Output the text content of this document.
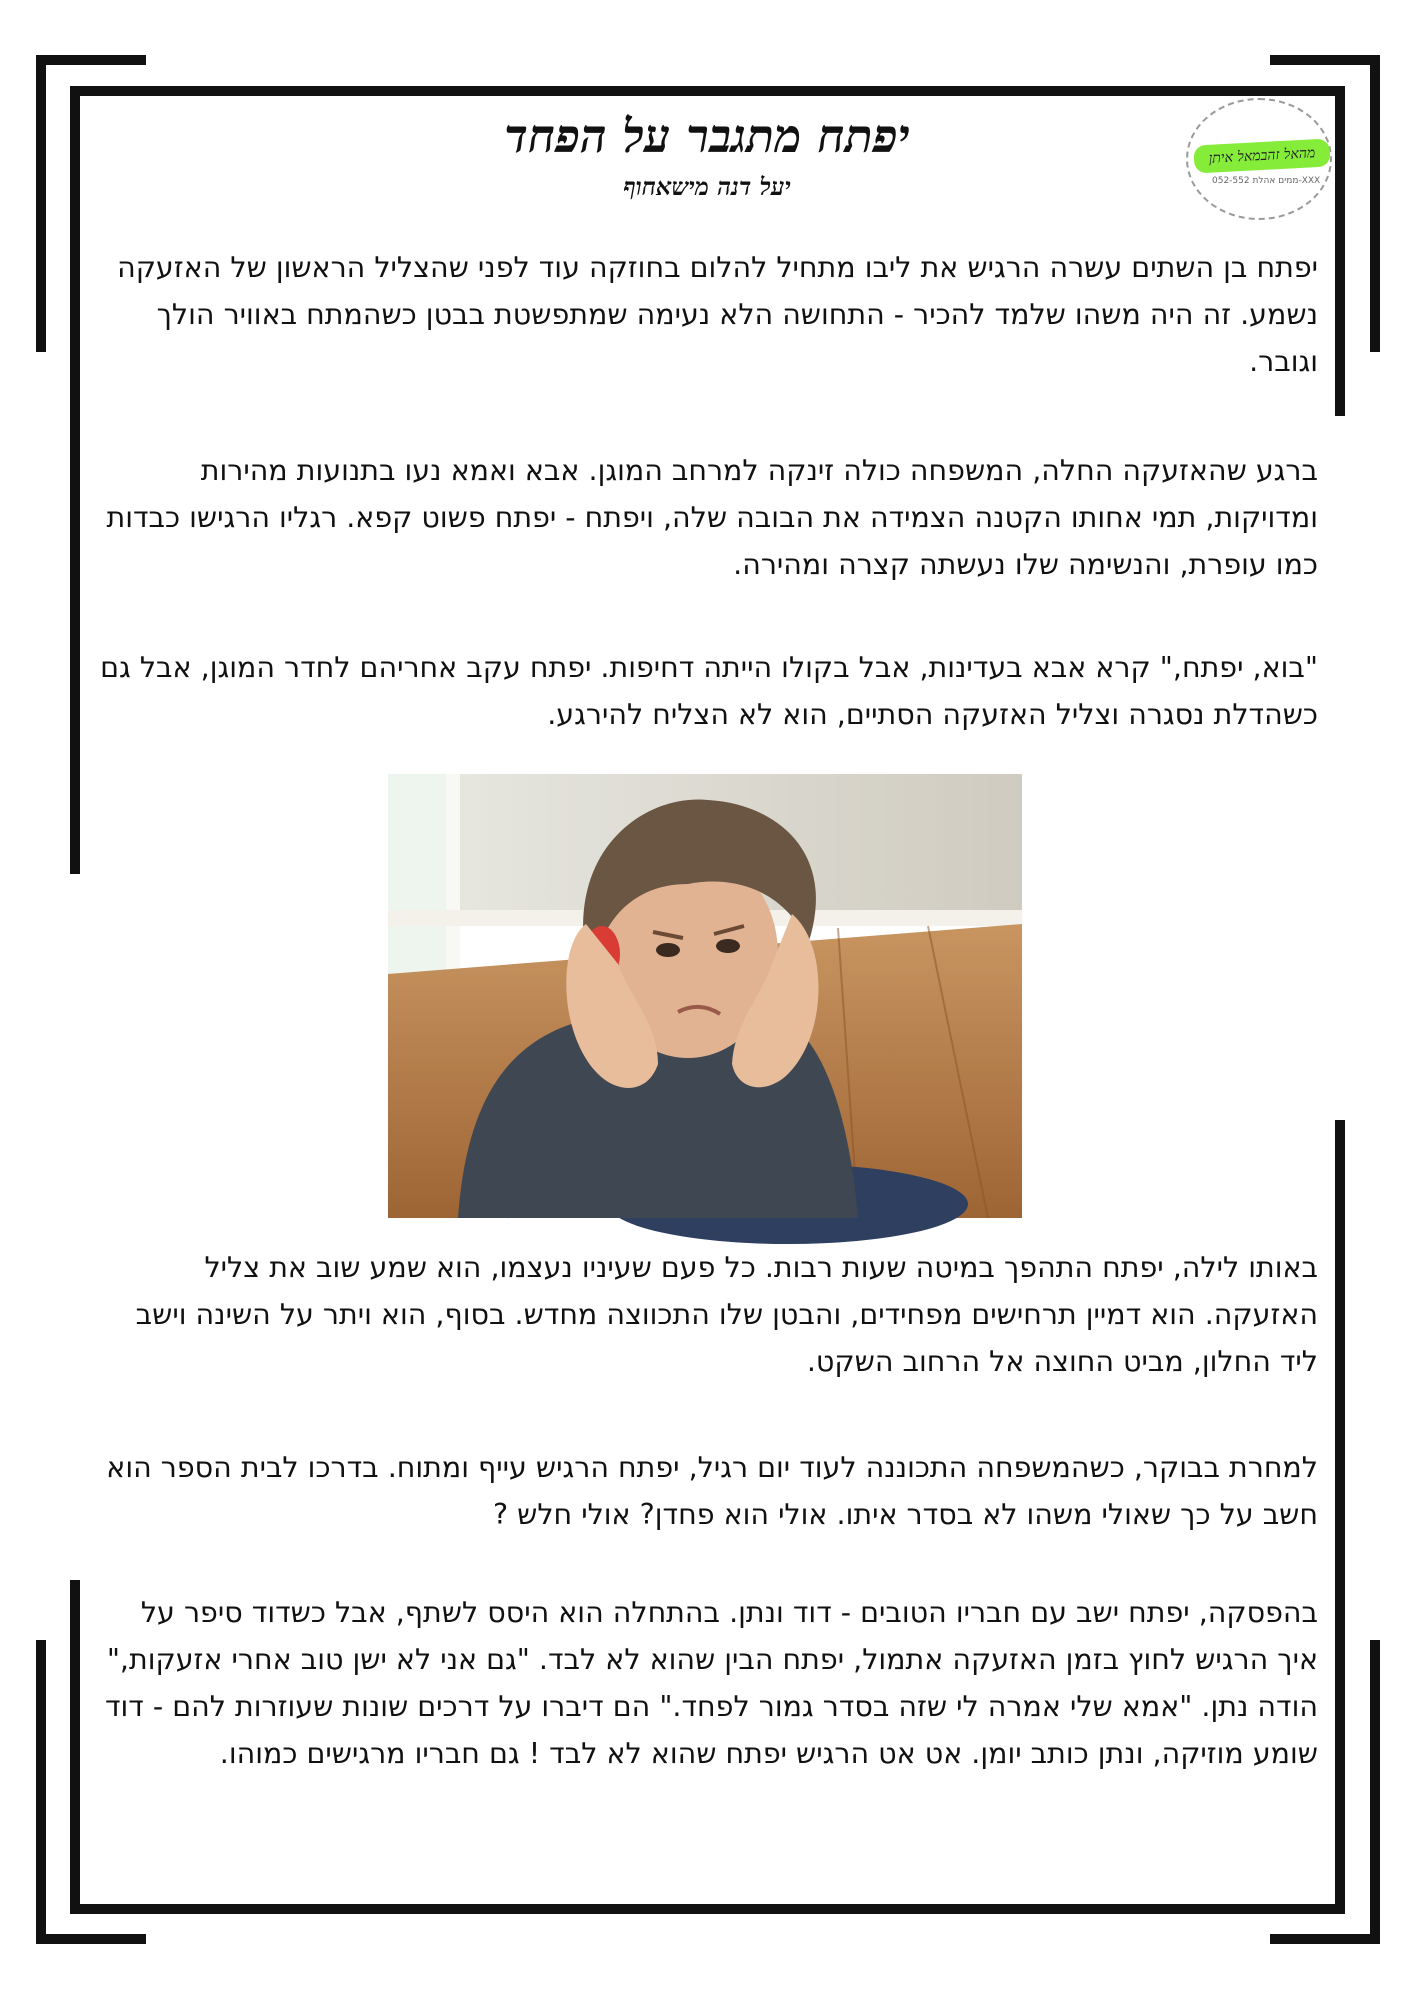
מהאל זהבמאל איתן
ממים אהלת 052-552-XXX
יפתח מתגבר על הפחד
יעל דנה מישאחוף
יפתח בן השתים עשרה הרגיש את ליבו מתחיל להלום בחוזקה עוד לפני שהצליל הראשון של האזעקה נשמע. זה היה משהו שלמד להכיר - התחושה הלא נעימה שמתפשטת בבטן כשהמתח באוויר הולך וגובר.
ברגע שהאזעקה החלה, המשפחה כולה זינקה למרחב המוגן. אבא ואמא נעו בתנועות מהירות ומדויקות, תמי אחותו הקטנה הצמידה את הבובה שלה, ויפתח - יפתח פשוט קפא. רגליו הרגישו כבדות כמו עופרת, והנשימה שלו נעשתה קצרה ומהירה.
"בוא, יפתח," קרא אבא בעדינות, אבל בקולו הייתה דחיפות. יפתח עקב אחריהם לחדר המוגן, אבל גם כשהדלת נסגרה וצליל האזעקה הסתיים, הוא לא הצליח להירגע.
באותו לילה, יפתח התהפך במיטה שעות רבות. כל פעם שעיניו נעצמו, הוא שמע שוב את צליל האזעקה. הוא דמיין תרחישים מפחידים, והבטן שלו התכווצה מחדש. בסוף, הוא ויתר על השינה וישב ליד החלון, מביט החוצה אל הרחוב השקט.
למחרת בבוקר, כשהמשפחה התכוננה לעוד יום רגיל, יפתח הרגיש עייף ומתוח. בדרכו לבית הספר הוא חשב על כך שאולי משהו לא בסדר איתו. אולי הוא פחדן? אולי חלש ?
בהפסקה, יפתח ישב עם חבריו הטובים - דוד ונתן. בהתחלה הוא היסס לשתף, אבל כשדוד סיפר על איך הרגיש לחוץ בזמן האזעקה אתמול, יפתח הבין שהוא לא לבד. "גם אני לא ישן טוב אחרי אזעקות," הודה נתן. "אמא שלי אמרה לי שזה בסדר גמור לפחד." הם דיברו על דרכים שונות שעוזרות להם - דוד שומע מוזיקה, ונתן כותב יומן. אט אט הרגיש יפתח שהוא לא לבד ! גם חבריו מרגישים כמוהו.
